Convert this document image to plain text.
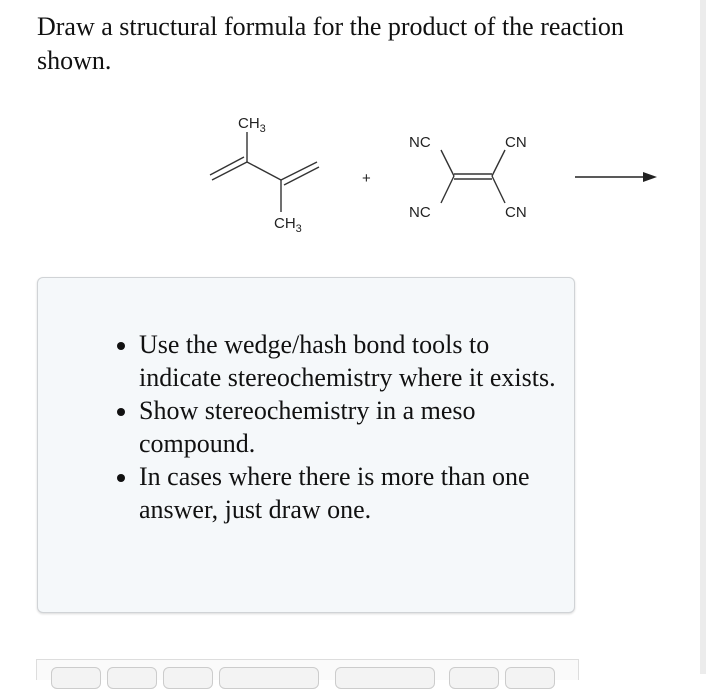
Draw a structural formula for the product of the reaction shown.
$CH_3$
$CH_3$
+
NC	CN
NC	CN
• Use the wedge/hash bond tools to indicate stereochemistry where it exists.
• Show stereochemistry in a meso compound.
• In cases where there is more than one answer, just draw one.
